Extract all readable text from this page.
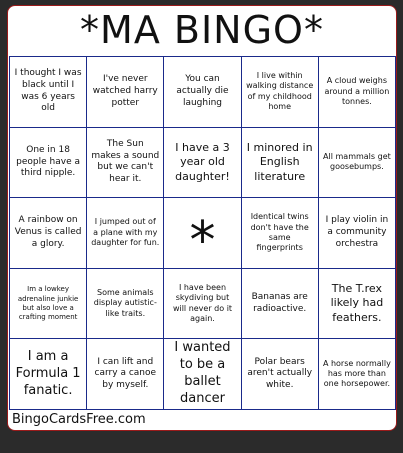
*MA BINGO*
I thought I was black until I was 6 years old
I've never watched harry potter
You can actually die laughing
I live within walking distance of my childhood home
A cloud weighs around a million tonnes.
One in 18 people have a third nipple.
The Sun makes a sound but we can't hear it.
I have a 3 year old daughter!
I minored in English literature
All mammals get goosebumps.
A rainbow on Venus is called a glory.
I jumped out of a plane with my daughter for fun. *	Identical twins don't have the same fingerprints
I play violin in a community orchestra
Im a lowkey adrenaline junkie but also love a crafting moment
Some animals display autistic-like traits.
I have been skydiving but will never do it again.
Bananas are radioactive.
The T.rex likely had feathers.
I am a Formula 1 fanatic.
I can lift and carry a canoe by myself.
I wanted to be a ballet dancer
Polar bears aren't actually white.
A horse normally has more than one horsepower.
BingoCardsFree.com
